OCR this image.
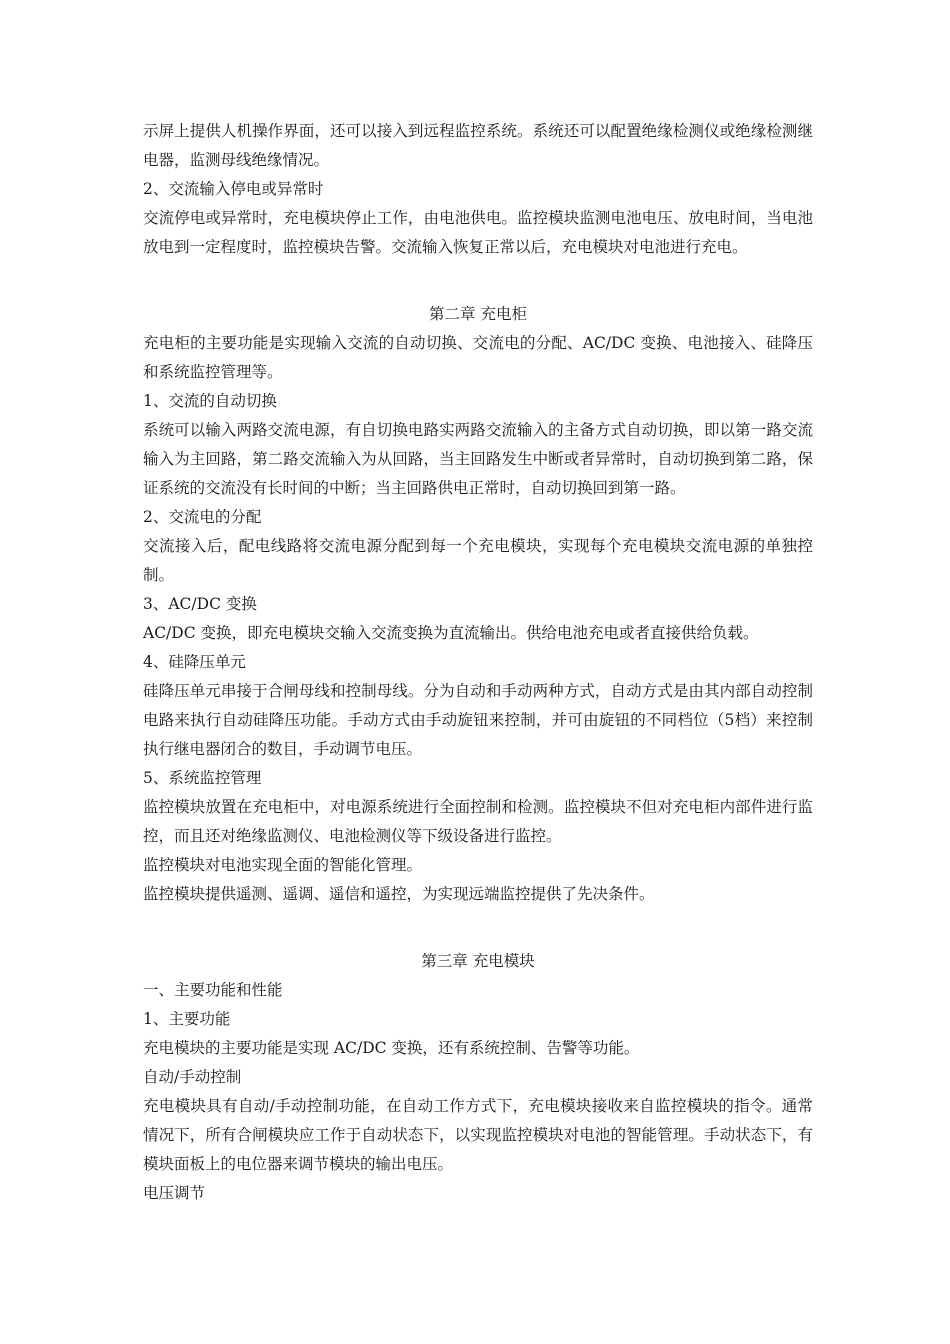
示屏上提供人机操作界面，还可以接入到远程监控系统。系统还可以配置绝缘检测仪或绝缘检测继电器，监测母线绝缘情况。

2、交流输入停电或异常时

交流停电或异常时，充电模块停止工作，由电池供电。监控模块监测电池电压、放电时间，当电池放电到一定程度时，监控模块告警。交流输入恢复正常以后，充电模块对电池进行充电。

第二章 充电柜

充电柜的主要功能是实现输入交流的自动切换、交流电的分配、AC/DC 变换、电池接入、硅降压和系统监控管理等。

1、交流的自动切换

系统可以输入两路交流电源，有自切换电路实两路交流输入的主备方式自动切换，即以第一路交流输入为主回路，第二路交流输入为从回路，当主回路发生中断或者异常时，自动切换到第二路，保证系统的交流没有长时间的中断；当主回路供电正常时，自动切换回到第一路。

2、交流电的分配

交流接入后，配电线路将交流电源分配到每一个充电模块，实现每个充电模块交流电源的单独控制。

3、AC/DC 变换

AC/DC 变换，即充电模块交输入交流变换为直流输出。供给电池充电或者直接供给负载。

4、硅降压单元

硅降压单元串接于合闸母线和控制母线。分为自动和手动两种方式，自动方式是由其内部自动控制电路来执行自动硅降压功能。手动方式由手动旋钮来控制，并可由旋钮的不同档位（5档）来控制执行继电器闭合的数目，手动调节电压。

5、系统监控管理

监控模块放置在充电柜中，对电源系统进行全面控制和检测。监控模块不但对充电柜内部件进行监控，而且还对绝缘监测仪、电池检测仪等下级设备进行监控。

监控模块对电池实现全面的智能化管理。

监控模块提供遥测、遥调、遥信和遥控，为实现远端监控提供了先决条件。

第三章 充电模块

一、主要功能和性能

1、主要功能

充电模块的主要功能是实现 AC/DC 变换，还有系统控制、告警等功能。

自动/手动控制

充电模块具有自动/手动控制功能，在自动工作方式下，充电模块接收来自监控模块的指令。通常情况下，所有合闸模块应工作于自动状态下，以实现监控模块对电池的智能管理。手动状态下，有模块面板上的电位器来调节模块的输出电压。

电压调节
